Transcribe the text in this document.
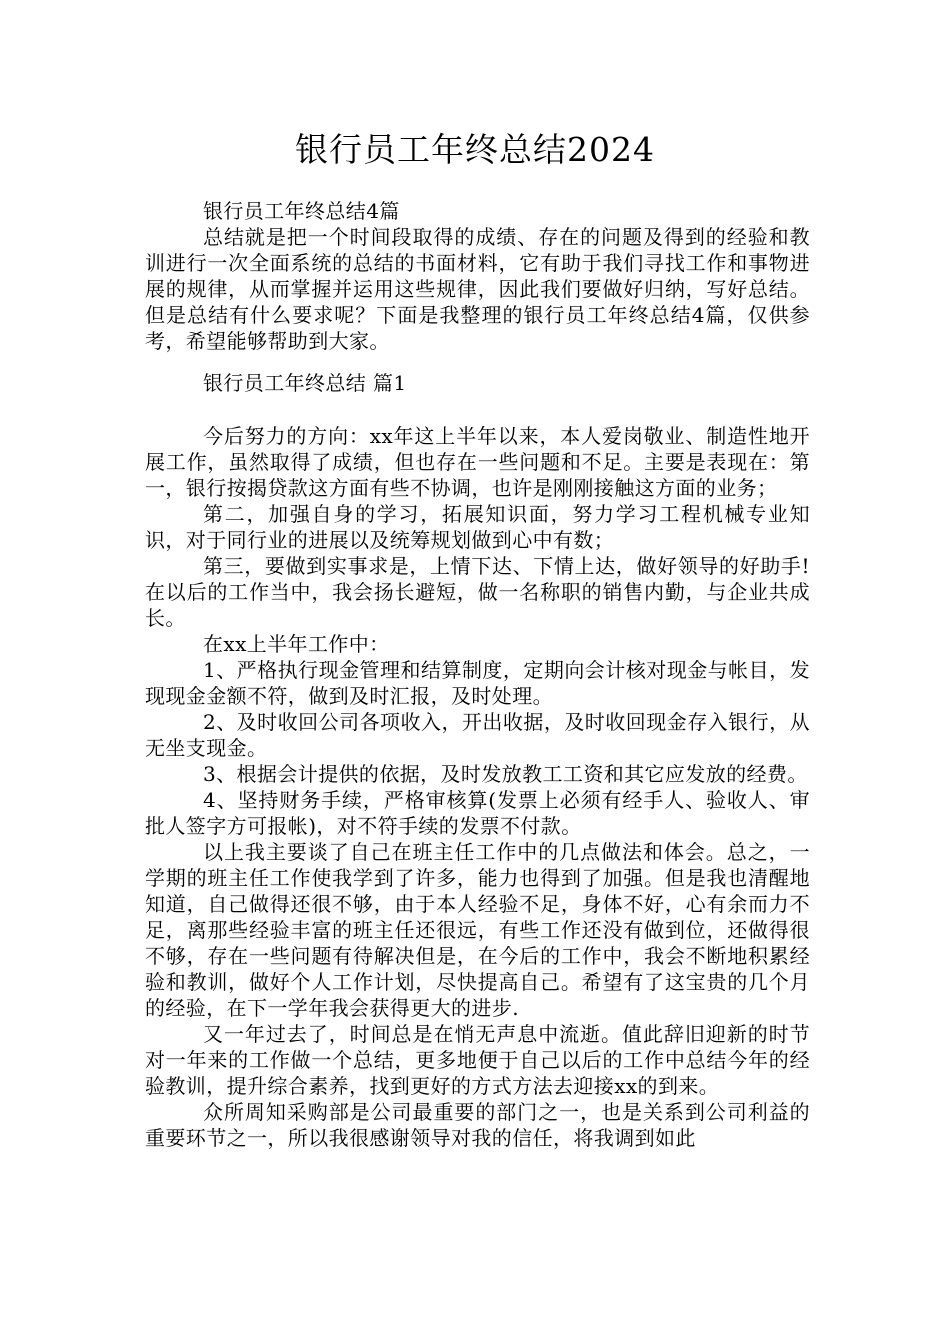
银行员工年终总结2024

银行员工年终总结4篇

总结就是把一个时间段取得的成绩、存在的问题及得到的经验和教训进行一次全面系统的总结的书面材料，它有助于我们寻找工作和事物进展的规律，从而掌握并运用这些规律，因此我们要做好归纳，写好总结。但是总结有什么要求呢？下面是我整理的银行员工年终总结4篇，仅供参考，希望能够帮助到大家。

银行员工年终总结 篇1

今后努力的方向：xx年这上半年以来，本人爱岗敬业、制造性地开展工作，虽然取得了成绩，但也存在一些问题和不足。主要是表现在：第一，银行按揭贷款这方面有些不协调，也许是刚刚接触这方面的业务；

第二，加强自身的学习，拓展知识面，努力学习工程机械专业知识，对于同行业的进展以及统筹规划做到心中有数；

第三，要做到实事求是，上情下达、下情上达，做好领导的好助手!在以后的工作当中，我会扬长避短，做一名称职的销售内勤，与企业共成长。

在xx上半年工作中：

1、严格执行现金管理和结算制度，定期向会计核对现金与帐目，发现现金金额不符，做到及时汇报，及时处理。

2、及时收回公司各项收入，开出收据，及时收回现金存入银行，从无坐支现金。

3、根据会计提供的依据，及时发放教工工资和其它应发放的经费。

4、坚持财务手续，严格审核算(发票上必须有经手人、验收人、审批人签字方可报帐)，对不符手续的发票不付款。

以上我主要谈了自己在班主任工作中的几点做法和体会。总之，一学期的班主任工作使我学到了许多，能力也得到了加强。但是我也清醒地知道，自己做得还很不够，由于本人经验不足，身体不好，心有余而力不足，离那些经验丰富的班主任还很远，有些工作还没有做到位，还做得很不够，存在一些问题有待解决但是，在今后的工作中，我会不断地积累经验和教训，做好个人工作计划，尽快提高自己。希望有了这宝贵的几个月的经验，在下一学年我会获得更大的进步.

又一年过去了，时间总是在悄无声息中流逝。值此辞旧迎新的时节对一年来的工作做一个总结，更多地便于自己以后的工作中总结今年的经验教训，提升综合素养，找到更好的方式方法去迎接xx的到来。

众所周知采购部是公司最重要的部门之一，也是关系到公司利益的重要环节之一，所以我很感谢领导对我的信任，将我调到如此
